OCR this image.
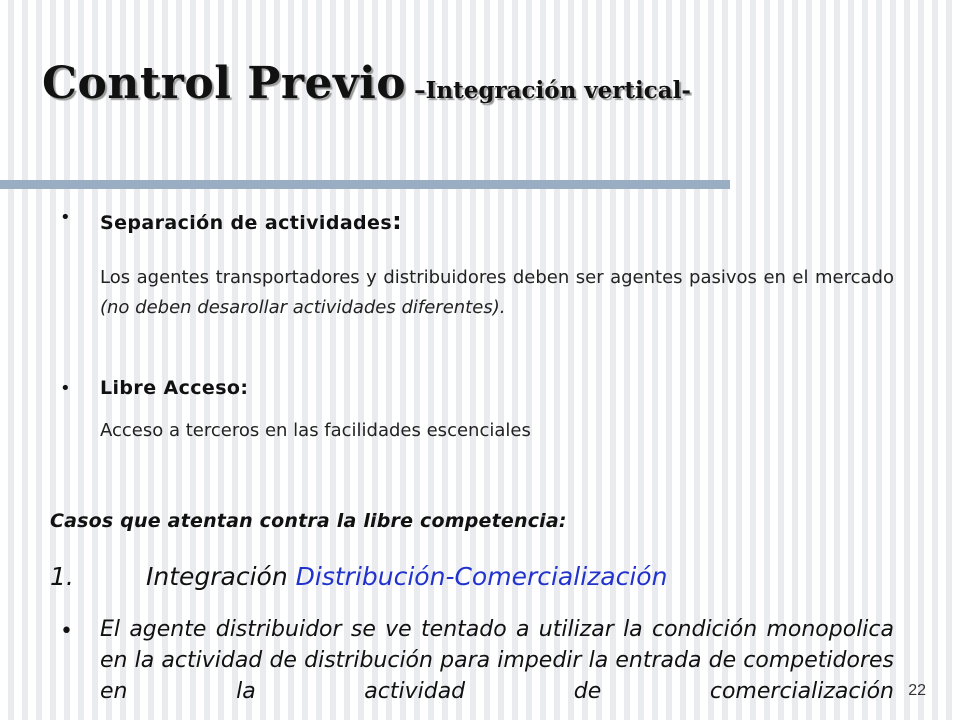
Control Previo –Integración vertical-
• Separación de actividades:

Los agentes transportadores y distribuidores deben ser agentes pasivos en el mercado (no deben desarollar actividades diferentes).

• Libre Acceso:
Acceso a terceros en las facilidades escenciales
Casos que atentan contra la libre competencia:
1.	Integración Distribución-Comercialización
• El agente distribuidor se ve tentado a utilizar la condición monopolica en la actividad de distribución para impedir la entrada de competidores en la actividad de comercialización 22
